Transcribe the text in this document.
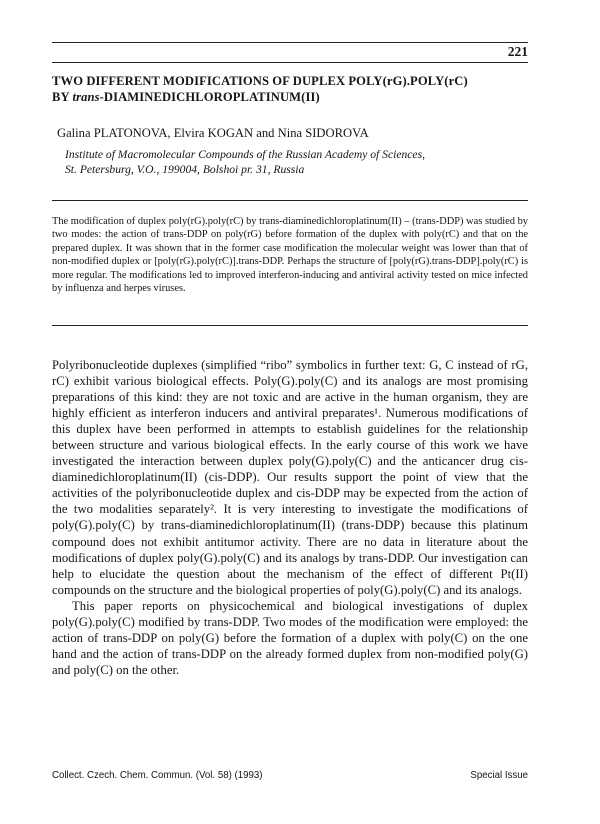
221
TWO DIFFERENT MODIFICATIONS OF DUPLEX POLY(rG).POLY(rC)
BY trans-DIAMINEDICHLOROPLATINUM(II)
Galina PLATONOVA, Elvira KOGAN and Nina SIDOROVA
Institute of Macromolecular Compounds of the Russian Academy of Sciences,
St. Petersburg, V.O., 199004, Bolshoi pr. 31, Russia

The modification of duplex poly(rG).poly(rC) by trans-diaminedichloroplatinum(II) – (trans-DDP) was studied by two modes: the action of trans-DDP on poly(rG) before formation of the duplex with poly(rC) and that on the prepared duplex. It was shown that in the former case modification the molecular weight was lower than that of non-modified duplex or [poly(rG).poly(rC)].trans-DDP. Perhaps the structure of [poly(rG).trans-DDP].poly(rC) is more regular. The modifications led to improved interferon-inducing and antiviral activity tested on mice infected by influenza and herpes viruses.

Polyribonucleotide duplexes (simplified “ribo” symbolics in further text: G, C instead of rG, rC) exhibit various biological effects. Poly(G).poly(C) and its analogs are most promising preparations of this kind: they are not toxic and are active in the human organism, they are highly efficient as interferon inducers and antiviral preparates¹. Numerous modifications of this duplex have been performed in attempts to establish guidelines for the relationship between structure and various biological effects. In the early course of this work we have investigated the interaction between duplex poly(G).poly(C) and the anticancer drug cis-diaminedichloroplatinum(II) (cis-DDP). Our results support the point of view that the activities of the polyribonucleotide duplex and cis-DDP may be expected from the action of the two modalities separately². It is very interesting to investigate the modifications of poly(G).poly(C) by trans-diaminedichloroplatinum(II) (trans-DDP) because this platinum compound does not exhibit antitumor activity. There are no data in literature about the modifications of duplex poly(G).poly(C) and its analogs by trans-DDP. Our investigation can help to elucidate the question about the mechanism of the effect of different Pt(II) compounds on the structure and the biological properties of poly(G).poly(C) and its analogs.

This paper reports on physicochemical and biological investigations of duplex poly(G).poly(C) modified by trans-DDP. Two modes of the modification were employed: the action of trans-DDP on poly(G) before the formation of a duplex with poly(C) on the one hand and the action of trans-DDP on the already formed duplex from non-modified poly(G) and poly(C) on the other.

Collect. Czech. Chem. Commun. (Vol. 58) (1993)	Special Issue
